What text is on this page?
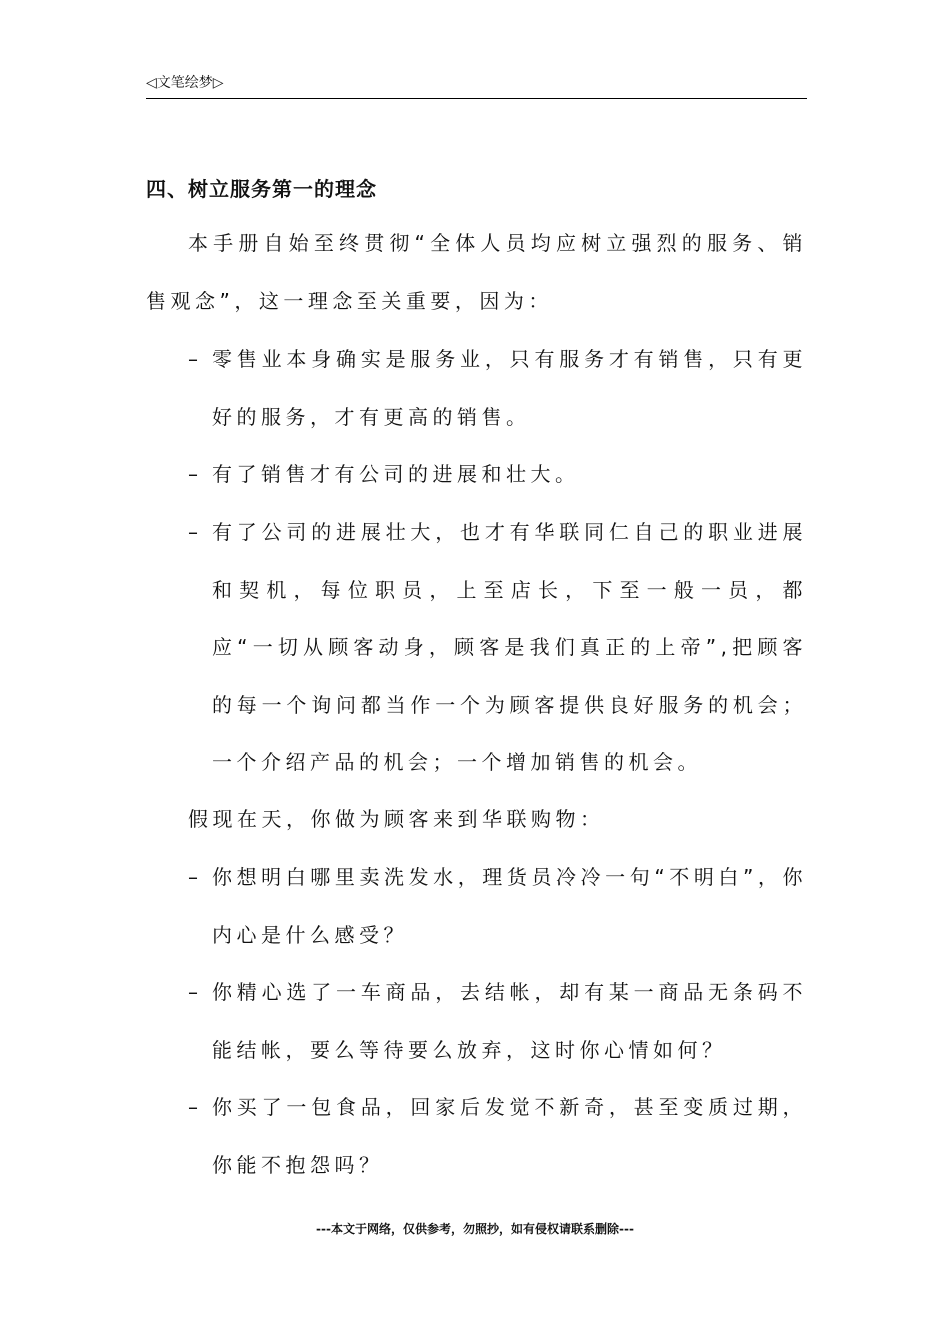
◁文笔绘梦▷
四、树立服务第一的理念

本手册自始至终贯彻“全体人员均应树立强烈的服务、销售观念”，这一理念至关重要，因为：

– 零售业本身确实是服务业，只有服务才有销售，只有更好的服务，才有更高的销售。
– 有了销售才有公司的进展和壮大。
– 有了公司的进展壮大，也才有华联同仁自己的职业进展和契机，每位职员，上至店长，下至一般一员，都应“一切从顾客动身，顾客是我们真正的上帝”,把顾客的每一个询问都当作一个为顾客提供良好服务的机会；一个介绍产品的机会；一个增加销售的机会。

假现在天，你做为顾客来到华联购物：

– 你想明白哪里卖洗发水，理货员冷冷一句“不明白”，你内心是什么感受？
– 你精心选了一车商品，去结帐，却有某一商品无条码不能结帐，要么等待要么放弃，这时你心情如何？
– 你买了一包食品，回家后发觉不新奇，甚至变质过期，你能不抱怨吗？
---本文于网络，仅供参考，勿照抄，如有侵权请联系删除---
